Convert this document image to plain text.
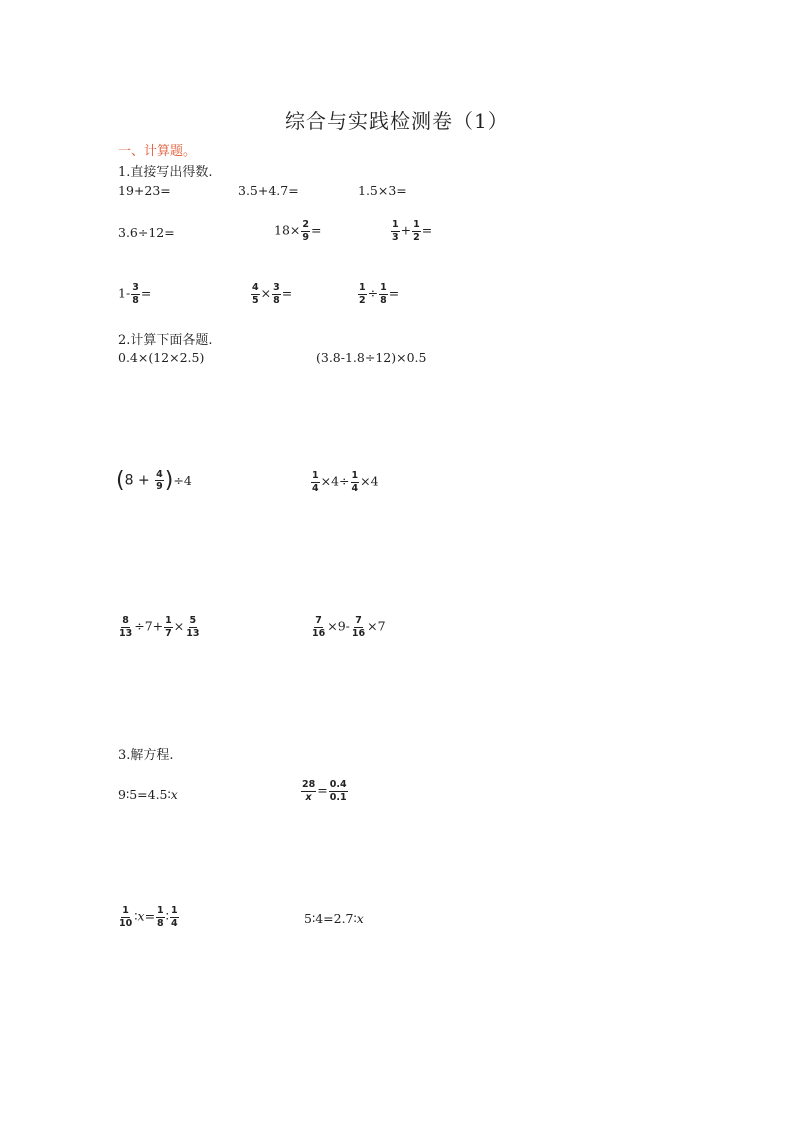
综合与实践检测卷（1）
一、计算题。
1.直接写出得数.
19+23=	3.5+4.7=	1.5×3=
3.6÷12=	$18\times \frac{2}{9}$ =	$\frac{1}{3} + \frac{1}{2}$ =
$1- \frac{3}{8}$ =	$\frac{4}{5} \times \frac{3}{8}$ =	$\frac{1}{2} \div \frac{1}{8}$ =
2.计算下面各题.
0.4×(12×2.5)	(3.8-1.8÷12)×0.5
$(8 + \frac{4}{9} )\div 4$	$\frac{1}{4} \times 4\div \frac{1}{4} \times 4$
$\frac{8}{13} \div 7+ \frac{1}{7} \times \frac{5}{13}$	$\frac{7}{16} \times 9- \frac{7}{16} \times 7$
3.解方程.
9∶5=4.5∶x	$\frac{28}{x} = \frac{0.4}{0.1}$
$\frac{1}{10}$ ∶x= $\frac{1}{8}$ ∶ $\frac{1}{4}$	5∶4=2.7∶x
